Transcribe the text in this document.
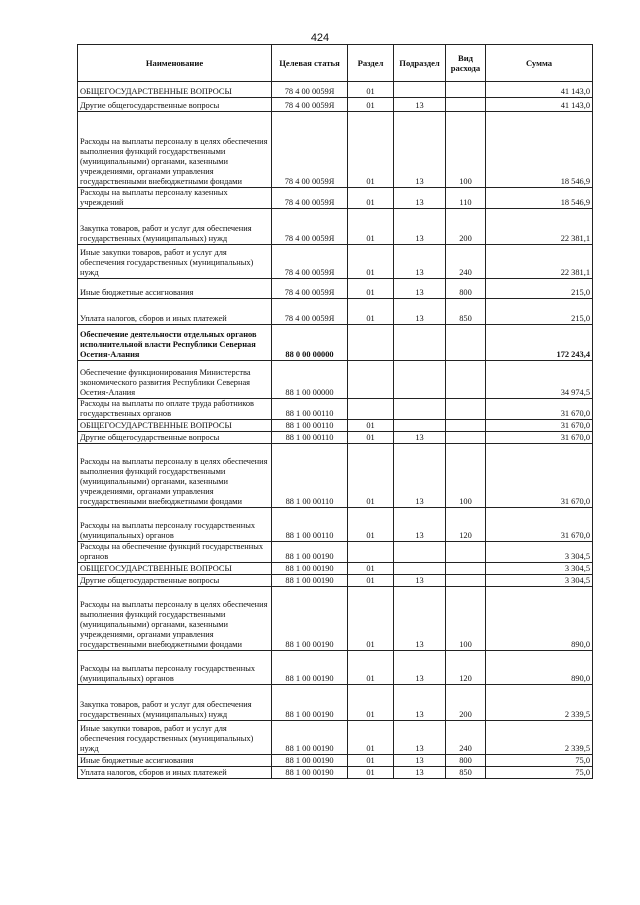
424
Наименование	Целевая статья	Раздел	Подраздел	Вид расхода	Сумма
ОБЩЕГОСУДАРСТВЕННЫЕ ВОПРОСЫ	78 4 00 0059Я	01			41 143,0
Другие общегосударственные вопросы	78 4 00 0059Я	01	13		41 143,0
Расходы на выплаты персоналу в целях обеспечения выполнения функций государственными (муниципальными) органами, казенными учреждениями, органами управления государственными внебюджетными фондами	78 4 00 0059Я	01	13	100	18 546,9
Расходы на выплаты персоналу казенных учреждений	78 4 00 0059Я	01	13	110	18 546,9
Закупка товаров, работ и услуг для обеспечения государственных (муниципальных) нужд	78 4 00 0059Я	01	13	200	22 381,1
Иные закупки товаров, работ и услуг для обеспечения государственных (муниципальных) нужд	78 4 00 0059Я	01	13	240	22 381,1
Иные бюджетные ассигнования	78 4 00 0059Я	01	13	800	215,0
Уплата налогов, сборов и иных платежей	78 4 00 0059Я	01	13	850	215,0
Обеспечение деятельности отдельных органов исполнительной власти Республики Северная Осетия-Алания	88 0 00 00000				172 243,4
Обеспечение функционирования Министерства экономического развития Республики Северная Осетия-Алания	88 1 00 00000				34 974,5
Расходы на выплаты по оплате труда работников государственных органов	88 1 00 00110				31 670,0
ОБЩЕГОСУДАРСТВЕННЫЕ ВОПРОСЫ	88 1 00 00110	01			31 670,0
Другие общегосударственные вопросы	88 1 00 00110	01	13		31 670,0
Расходы на выплаты персоналу в целях обеспечения выполнения функций государственными (муниципальными) органами, казенными учреждениями, органами управления государственными внебюджетными фондами	88 1 00 00110	01	13	100	31 670,0
Расходы на выплаты персоналу государственных (муниципальных) органов	88 1 00 00110	01	13	120	31 670,0
Расходы на обеспечение функций государственных органов	88 1 00 00190				3 304,5
ОБЩЕГОСУДАРСТВЕННЫЕ ВОПРОСЫ	88 1 00 00190	01			3 304,5
Другие общегосударственные вопросы	88 1 00 00190	01	13		3 304,5
Расходы на выплаты персоналу в целях обеспечения выполнения функций государственными (муниципальными) органами, казенными учреждениями, органами управления государственными внебюджетными фондами	88 1 00 00190	01	13	100	890,0
Расходы на выплаты персоналу государственных (муниципальных) органов	88 1 00 00190	01	13	120	890,0
Закупка товаров, работ и услуг для обеспечения государственных (муниципальных) нужд	88 1 00 00190	01	13	200	2 339,5
Иные закупки товаров, работ и услуг для обеспечения государственных (муниципальных) нужд	88 1 00 00190	01	13	240	2 339,5
Иные бюджетные ассигнования	88 1 00 00190	01	13	800	75,0
Уплата налогов, сборов и иных платежей	88 1 00 00190	01	13	850	75,0
